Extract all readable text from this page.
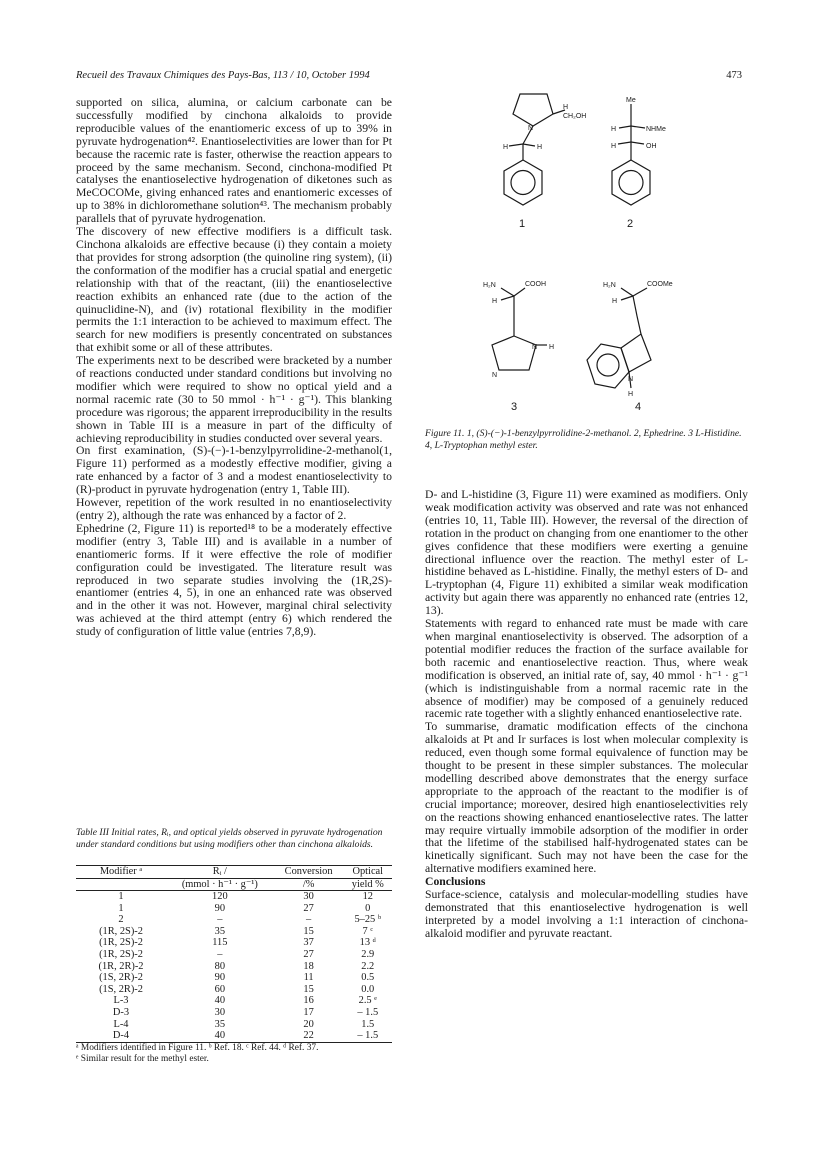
Recueil des Travaux Chimiques des Pays-Bas, 113 / 10, October 1994	473

supported on silica, alumina, or calcium carbonate can be successfully modified by cinchona alkaloids to provide reproducible values of the enantiomeric excess of up to 39% in pyruvate hydrogenation⁴². Enantioselectivities are lower than for Pt because the racemic rate is faster, otherwise the reaction appears to proceed by the same mechanism. Second, cinchona-modified Pt catalyses the enantioselective hydrogenation of diketones such as MeCOCOMe, giving enhanced rates and enantiomeric excesses of up to 38% in dichloromethane solution⁴³. The mechanism probably parallels that of pyruvate hydrogenation.

The discovery of new effective modifiers is a difficult task. Cinchona alkaloids are effective because (i) they contain a moiety that provides for strong adsorption (the quinoline ring system), (ii) the conformation of the modifier has a crucial spatial and energetic relationship with that of the reactant, (iii) the enantioselective reaction exhibits an enhanced rate (due to the action of the quinuclidine-N), and (iv) rotational flexibility in the modifier permits the 1:1 interaction to be achieved to maximum effect. The search for new modifiers is presently concentrated on substances that exhibit some or all of these attributes.

The experiments next to be described were bracketed by a number of reactions conducted under standard conditions but involving no modifier which were required to show no optical yield and a normal racemic rate (30 to 50 mmol · h⁻¹ · g⁻¹). This blanking procedure was rigorous; the apparent irreproducibility in the results shown in Table III is a measure in part of the difficulty of achieving reproducibility in studies conducted over several years.

On first examination, (S)-(−)-1-benzylpyrrolidine-2-methanol(1, Figure 11) performed as a modestly effective modifier, giving a rate enhanced by a factor of 3 and a modest enantioselectivity to (R)-product in pyruvate hydrogenation (entry 1, Table III).

However, repetition of the work resulted in no enantioselectivity (entry 2), although the rate was enhanced by a factor of 2.

Ephedrine (2, Figure 11) is reported¹⁸ to be a moderately effective modifier (entry 3, Table III) and is available in a number of enantiomeric forms. If it were effective the role of modifier configuration could be investigated. The literature result was reproduced in two separate studies involving the (1R,2S)-enantiomer (entries 4, 5), in one an enhanced rate was observed and in the other it was not. However, marginal chiral selectivity was achieved at the third attempt (entry 6) which rendered the study of configuration of little value (entries 7,8,9).

H
CH₂OH
N
H	H
1
Me
H	NHMe
H	OH
2
H₂N	COOH
H
N H
N
3
H₂N	COOMe
H
N
H
4
Figure 11. 1, (S)-(−)-1-benzylpyrrolidine-2-methanol. 2, Ephedrine. 3 L-Histidine. 4, L-Tryptophan methyl ester.

D- and L-histidine (3, Figure 11) were examined as modifiers. Only weak modification activity was observed and rate was not enhanced (entries 10, 11, Table III). However, the reversal of the direction of rotation in the product on changing from one enantiomer to the other gives confidence that these modifiers were exerting a genuine directional influence over the reaction. The methyl ester of L-histidine behaved as L-histidine. Finally, the methyl esters of D- and L-tryptophan (4, Figure 11) exhibited a similar weak modification activity but again there was apparently no enhanced rate (entries 12, 13).

Statements with regard to enhanced rate must be made with care when marginal enantioselectivity is observed. The adsorption of a potential modifier reduces the fraction of the surface available for both racemic and enantioselective reaction. Thus, where weak modification is observed, an initial rate of, say, 40 mmol · h⁻¹ · g⁻¹ (which is indistinguishable from a normal racemic rate in the absence of modifier) may be composed of a genuinely reduced racemic rate together with a slightly enhanced enantioselective rate.

To summarise, dramatic modification effects of the cinchona alkaloids at Pt and Ir surfaces is lost when molecular complexity is reduced, even though some formal equivalence of function may be thought to be present in these simpler substances. The molecular modelling described above demonstrates that the energy surface appropriate to the approach of the reactant to the modifier is of crucial importance; moreover, desired high enantioselectivities rely on the reactions showing enhanced enantioselective rates. The latter may require virtually immobile adsorption of the modifier in order that the lifetime of the stabilised half-hydrogenated states can be kinetically significant. Such may not have been the case for the alternative modifiers examined here.

Conclusions

Surface-science, catalysis and molecular-modelling studies have demonstrated that this enantioselective hydrogenation is well interpreted by a model involving a 1:1 interaction of cinchona-alkaloid modifier and pyruvate reactant.

Table III Initial rates, Rᵢ, and optical yields observed in pyruvate hydrogenation under standard conditions but using modifiers other than cinchona alkaloids.
Modifier ᵃ	Rᵢ /	Conversion	Optical
	(mmol · h⁻¹ · g⁻¹)	/%	yield %
1	120	30	12
1	90	27	0
2	–	–	5–25 ᵇ
(1R, 2S)-2	35	15	7 ᶜ
(1R, 2S)-2	115	37	13 ᵈ
(1R, 2S)-2	–	27	2.9
(1R, 2R)-2	80	18	2.2
(1S, 2R)-2	90	11	0.5
(1S, 2R)-2	60	15	0.0
L-3	40	16	2.5 ᵉ
D-3	30	17	– 1.5
L-4	35	20	1.5
D-4	40	22	– 1.5
ᵃ Modifiers identified in Figure 11. ᵇ Ref. 18. ᶜ Ref. 44. ᵈ Ref. 37.
ᵉ Similar result for the methyl ester.
